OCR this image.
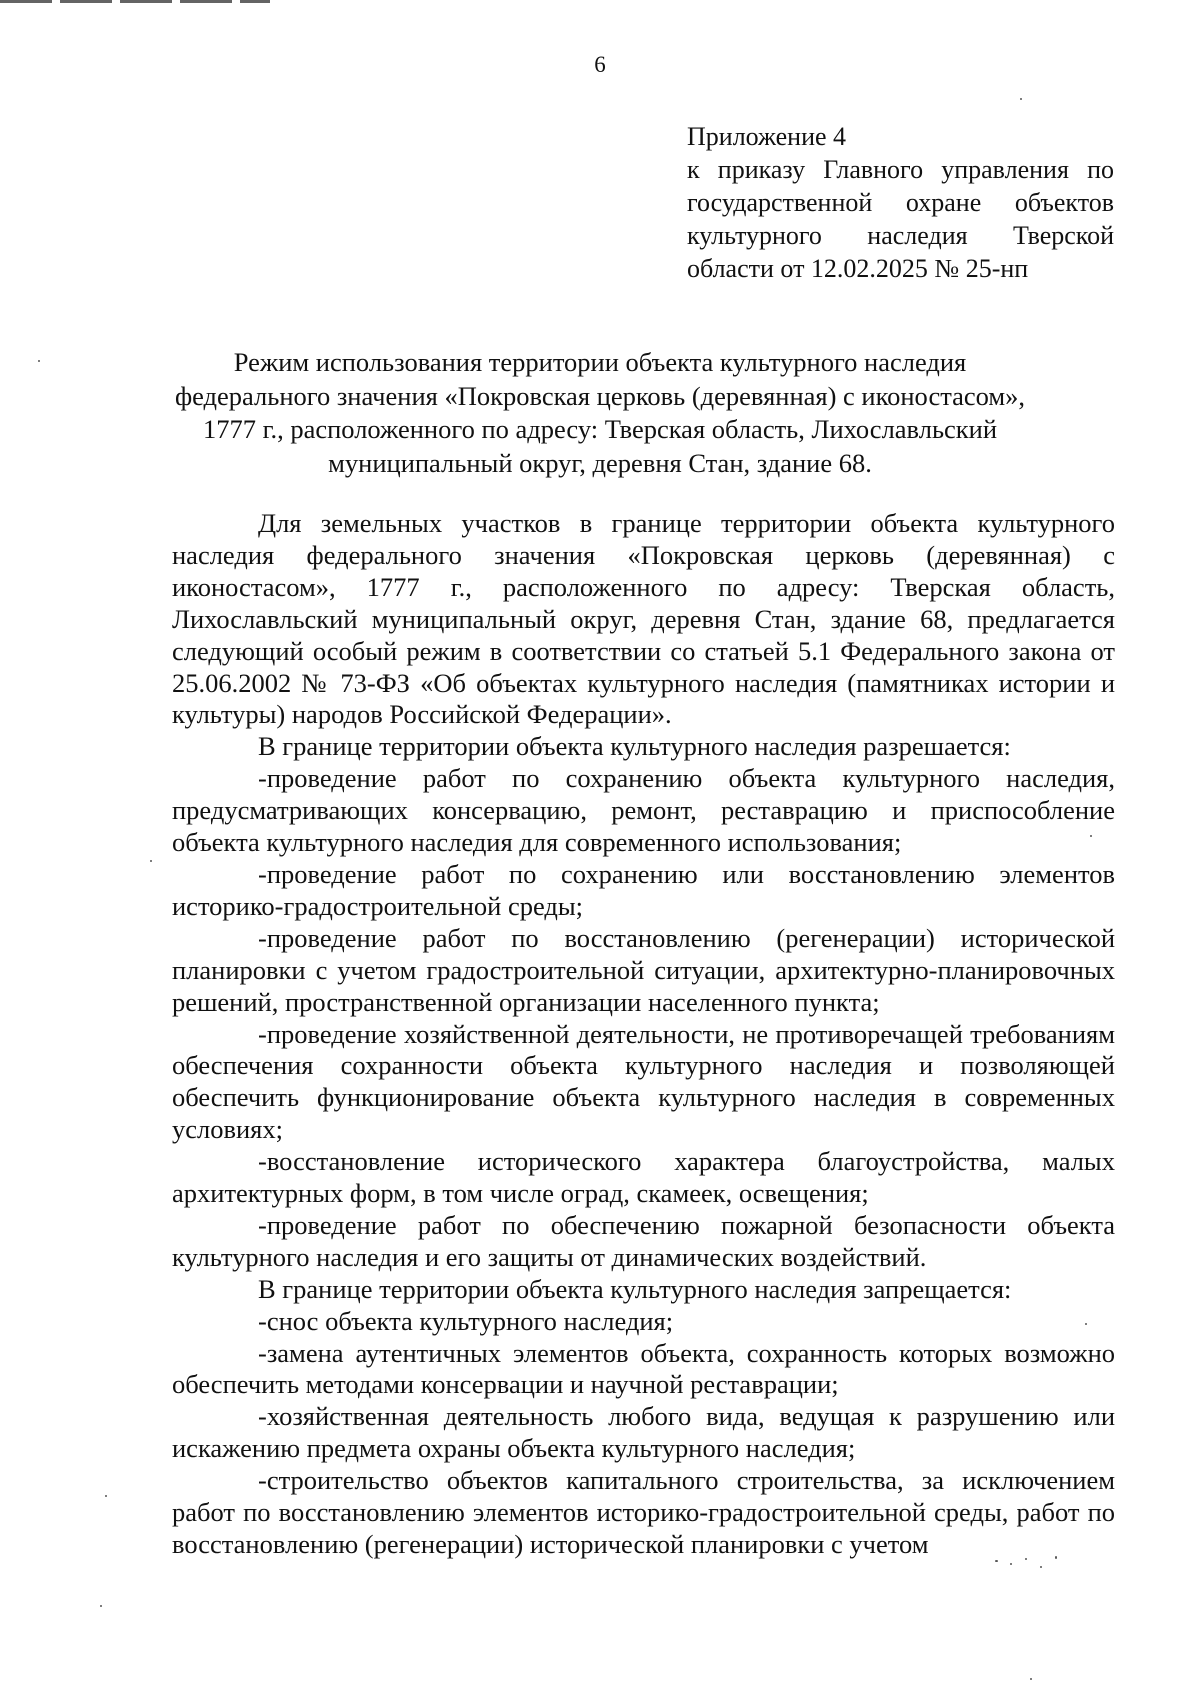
6
Приложение 4
к приказу Главного управления по
государственной охране объектов
культурного наследия Тверской
области от 12.02.2025 № 25-нп
Режим использования территории объекта культурного наследия
федерального значения «Покровская церковь (деревянная) с иконостасом»,
1777 г., расположенного по адресу: Тверская область, Лихославльский
муниципальный округ, деревня Стан, здание 68.

Для земельных участков в границе территории объекта культурного наследия федерального значения «Покровская церковь (деревянная) с иконостасом», 1777 г., расположенного по адресу: Тверская область, Лихославльский муниципальный округ, деревня Стан, здание 68, предлагается следующий особый режим в соответствии со статьей 5.1 Федерального закона от 25.06.2002 № 73-ФЗ «Об объектах культурного наследия (памятниках истории и культуры) народов Российской Федерации».

В границе территории объекта культурного наследия разрешается:

-проведение работ по сохранению объекта культурного наследия, предусматривающих консервацию, ремонт, реставрацию и приспособление объекта культурного наследия для современного использования;

-проведение работ по сохранению или восстановлению элементов историко-градостроительной среды;

-проведение работ по восстановлению (регенерации) исторической планировки с учетом градостроительной ситуации, архитектурно-планировочных решений, пространственной организации населенного пункта;

-проведение хозяйственной деятельности, не противоречащей требованиям обеспечения сохранности объекта культурного наследия и позволяющей обеспечить функционирование объекта культурного наследия в современных условиях;

-восстановление исторического характера благоустройства, малых архитектурных форм, в том числе оград, скамеек, освещения;

-проведение работ по обеспечению пожарной безопасности объекта культурного наследия и его защиты от динамических воздействий.

В границе территории объекта культурного наследия запрещается:

-снос объекта культурного наследия;

-замена аутентичных элементов объекта, сохранность которых возможно обеспечить методами консервации и научной реставрации;

-хозяйственная деятельность любого вида, ведущая к разрушению или искажению предмета охраны объекта культурного наследия;

-строительство объектов капитального строительства, за исключением работ по восстановлению элементов историко-градостроительной среды, работ по восстановлению (регенерации) исторической планировки с учетом
